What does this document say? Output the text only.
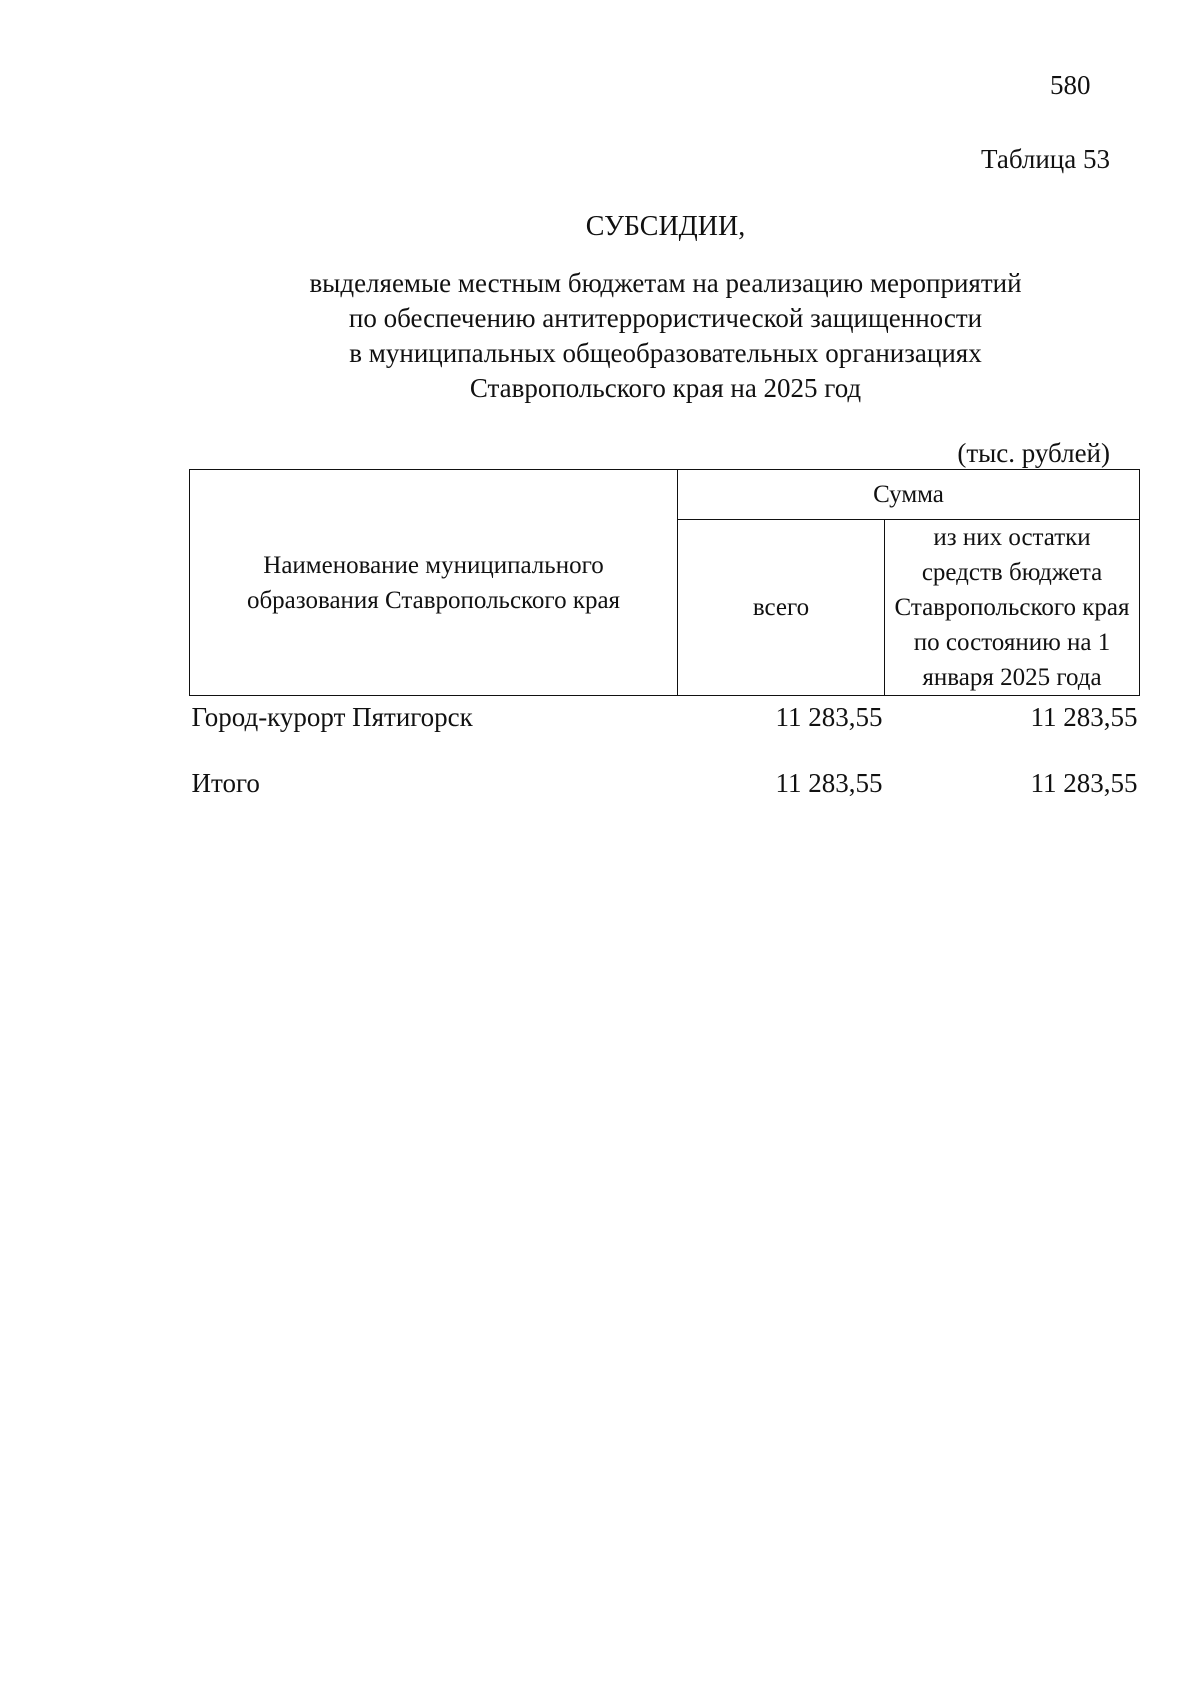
580
Таблица 53
СУБСИДИИ,
выделяемые местным бюджетам на реализацию мероприятий
по обеспечению антитеррористической защищенности
в муниципальных общеобразовательных организациях
Ставропольского края на 2025 год
(тыс. рублей)
Наименование муниципального образования Ставропольского края	Сумма	
	всего	из них остатки средств бюджета Ставропольского края по состоянию на 1 января 2025 года
Город-курорт Пятигорск	11 283,55	11 283,55
Итого	11 283,55	11 283,55
